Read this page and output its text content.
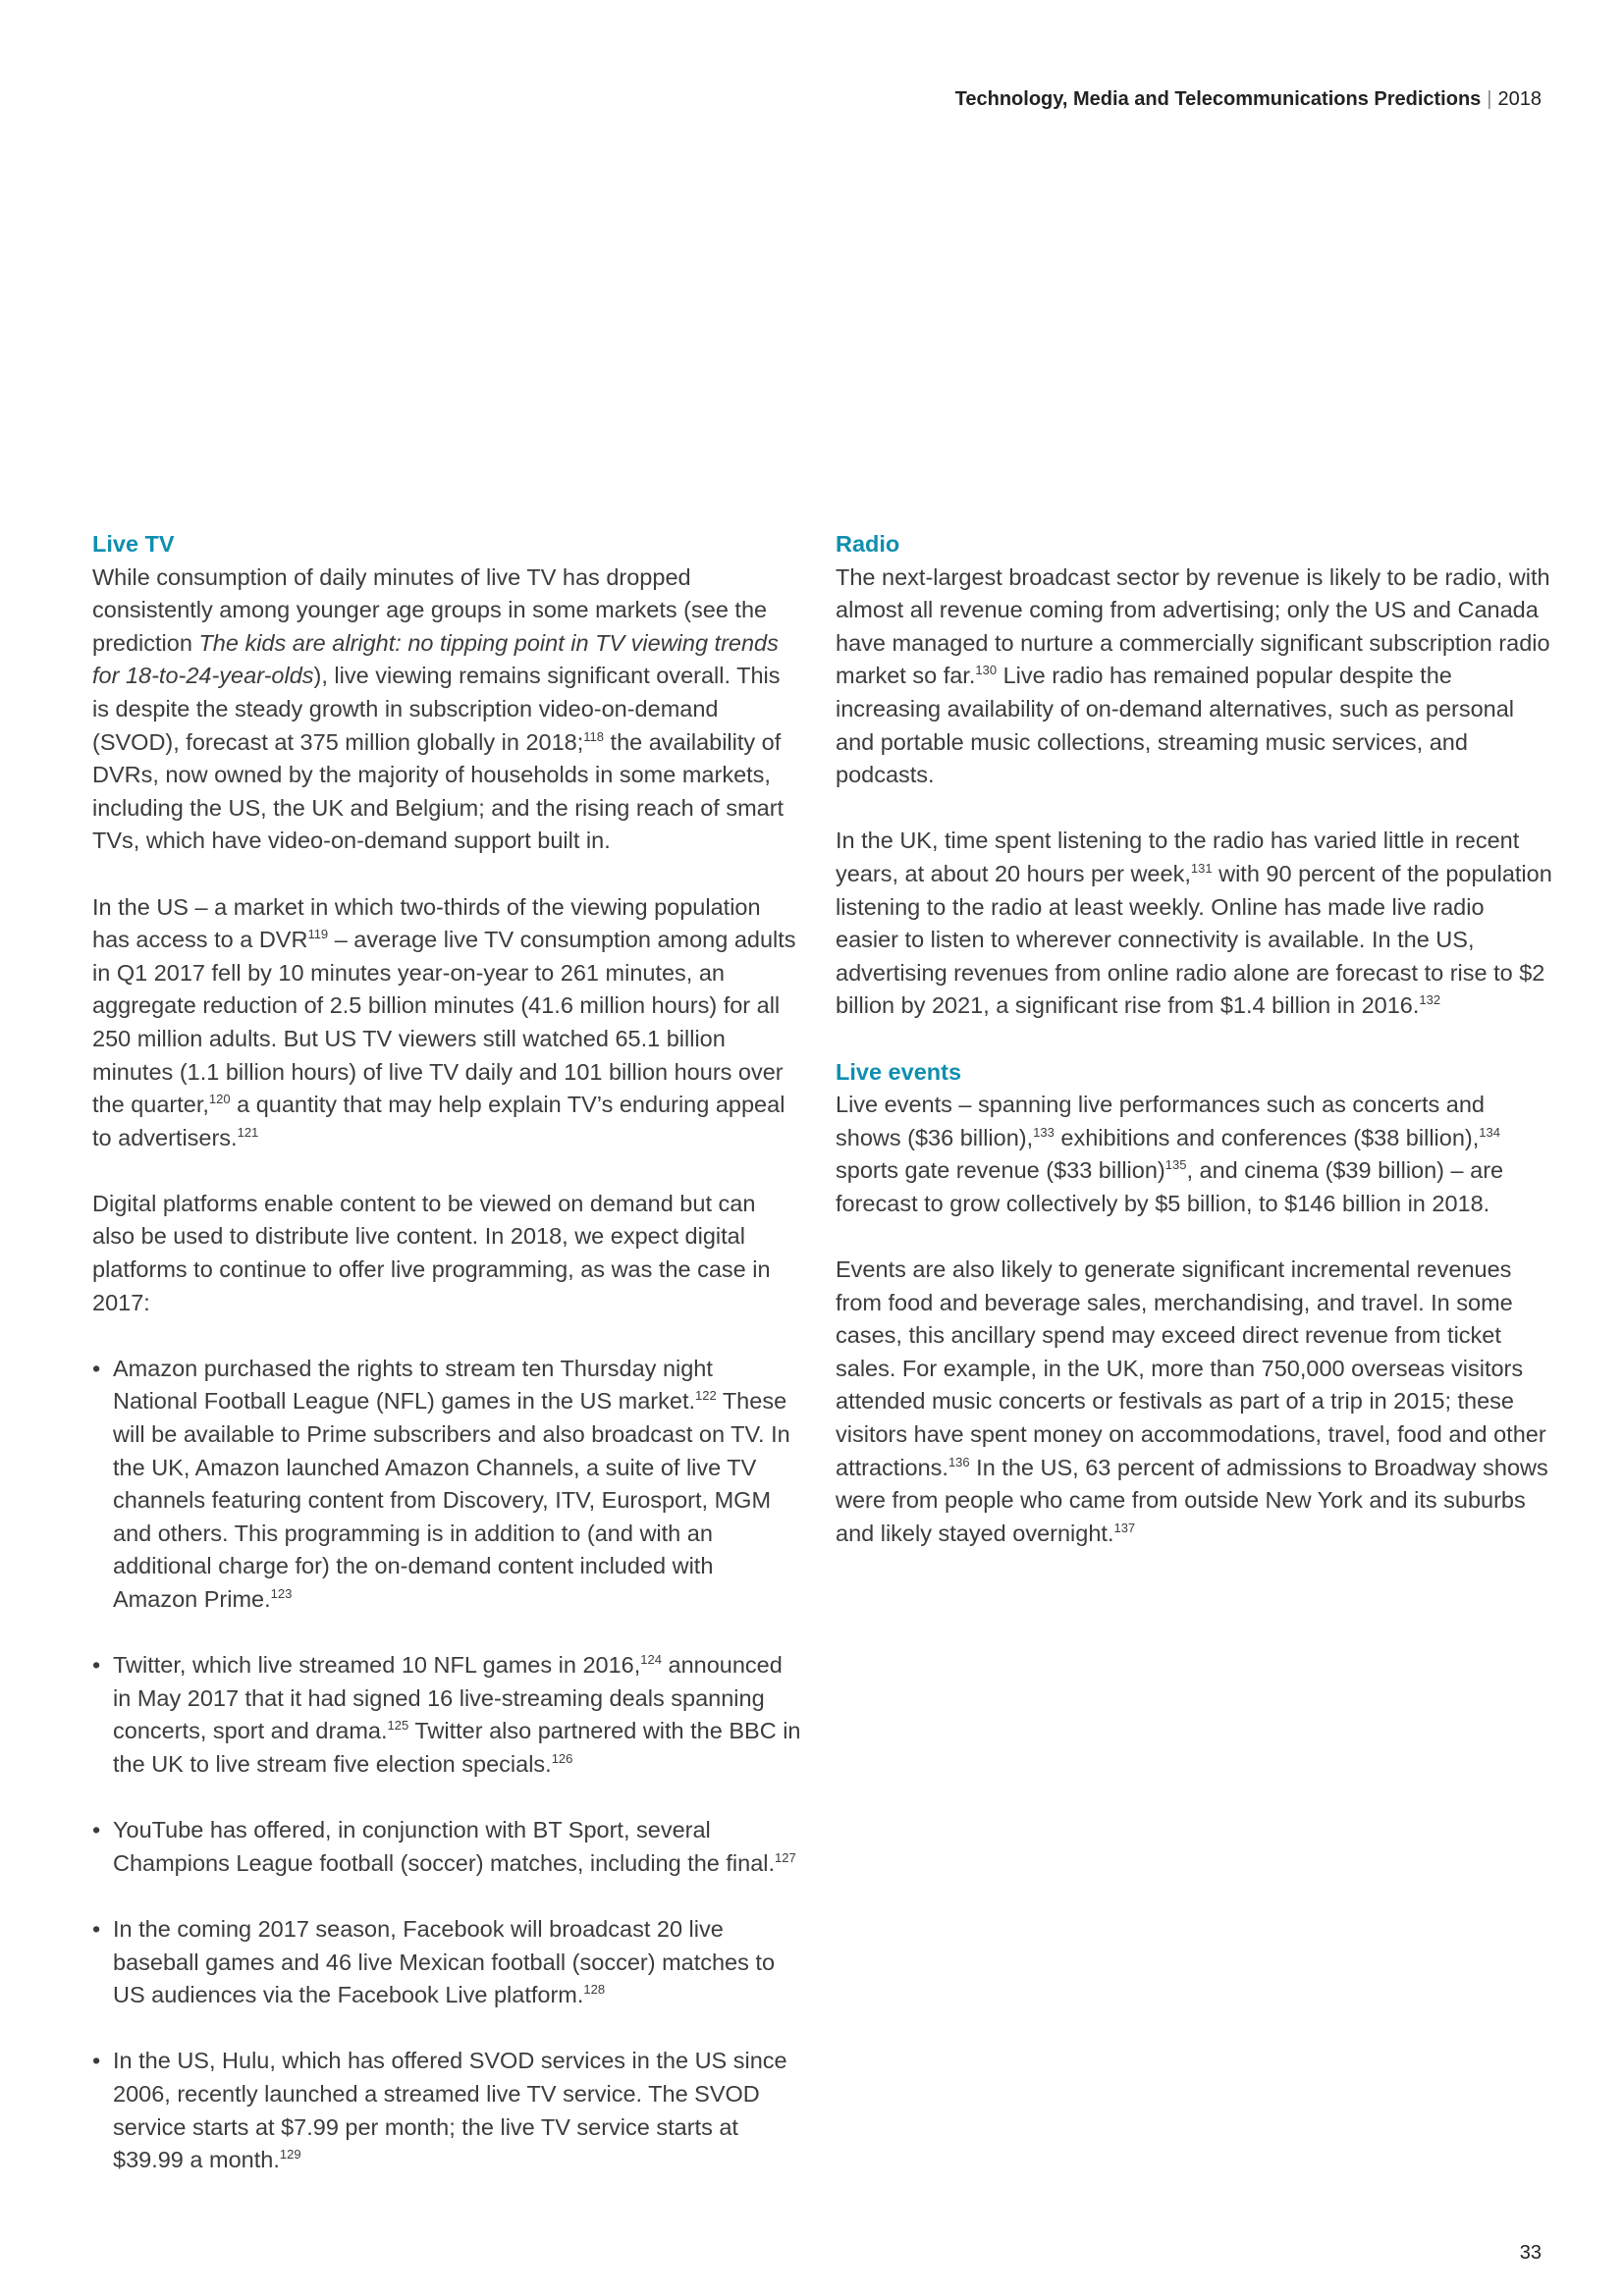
Technology, Media and Telecommunications Predictions | 2018
Live TV

While consumption of daily minutes of live TV has dropped consistently among younger age groups in some markets (see the prediction The kids are alright: no tipping point in TV viewing trends for 18-to-24-year-olds), live viewing remains significant overall. This is despite the steady growth in subscription video-on-demand (SVOD), forecast at 375 million globally in 2018;$^{118}$ the availability of DVRs, now owned by the majority of households in some markets, including the US, the UK and Belgium; and the rising reach of smart TVs, which have video-on-demand support built in.

In the US – a market in which two-thirds of the viewing population has access to a DVR$^{119}$ – average live TV consumption among adults in Q1 2017 fell by 10 minutes year-on-year to 261 minutes, an aggregate reduction of 2.5 billion minutes (41.6 million hours) for all 250 million adults. But US TV viewers still watched 65.1 billion minutes (1.1 billion hours) of live TV daily and 101 billion hours over the quarter,$^{120}$ a quantity that may help explain TV’s enduring appeal to advertisers.$^{121}$

Digital platforms enable content to be viewed on demand but can also be used to distribute live content. In 2018, we expect digital platforms to continue to offer live programming, as was the case in 2017:

• Amazon purchased the rights to stream ten Thursday night National Football League (NFL) games in the US market.$^{122}$ These will be available to Prime subscribers and also broadcast on TV. In the UK, Amazon launched Amazon Channels, a suite of live TV channels featuring content from Discovery, ITV, Eurosport, MGM and others. This programming is in addition to (and with an additional charge for) the on-demand content included with Amazon Prime.$^{123}$
• Twitter, which live streamed 10 NFL games in 2016,$^{124}$ announced in May 2017 that it had signed 16 live-streaming deals spanning concerts, sport and drama.$^{125}$ Twitter also partnered with the BBC in the UK to live stream five election specials.$^{126}$
• YouTube has offered, in conjunction with BT Sport, several Champions League football (soccer) matches, including the final.$^{127}$
• In the coming 2017 season, Facebook will broadcast 20 live baseball games and 46 live Mexican football (soccer) matches to US audiences via the Facebook Live platform.$^{128}$
• In the US, Hulu, which has offered SVOD services in the US since 2006, recently launched a streamed live TV service. The SVOD service starts at $7.99 per month; the live TV service starts at $39.99 a month.$^{129}$
Radio

The next-largest broadcast sector by revenue is likely to be radio, with almost all revenue coming from advertising; only the US and Canada have managed to nurture a commercially significant subscription radio market so far.$^{130}$ Live radio has remained popular despite the increasing availability of on-demand alternatives, such as personal and portable music collections, streaming music services, and podcasts.

In the UK, time spent listening to the radio has varied little in recent years, at about 20 hours per week,$^{131}$ with 90 percent of the population listening to the radio at least weekly. Online has made live radio easier to listen to wherever connectivity is available. In the US, advertising revenues from online radio alone are forecast to rise to $2 billion by 2021, a significant rise from $1.4 billion in 2016.$^{132}$

Live events

Live events – spanning live performances such as concerts and shows ($36 billion),$^{133}$ exhibitions and conferences ($38 billion),$^{134}$ sports gate revenue ($33 billion)$^{135}$, and cinema ($39 billion) – are forecast to grow collectively by $5 billion, to $146 billion in 2018.

Events are also likely to generate significant incremental revenues from food and beverage sales, merchandising, and travel. In some cases, this ancillary spend may exceed direct revenue from ticket sales. For example, in the UK, more than 750,000 overseas visitors attended music concerts or festivals as part of a trip in 2015; these visitors have spent money on accommodations, travel, food and other attractions.$^{136}$ In the US, 63 percent of admissions to Broadway shows were from people who came from outside New York and its suburbs and likely stayed overnight.$^{137}$

33
